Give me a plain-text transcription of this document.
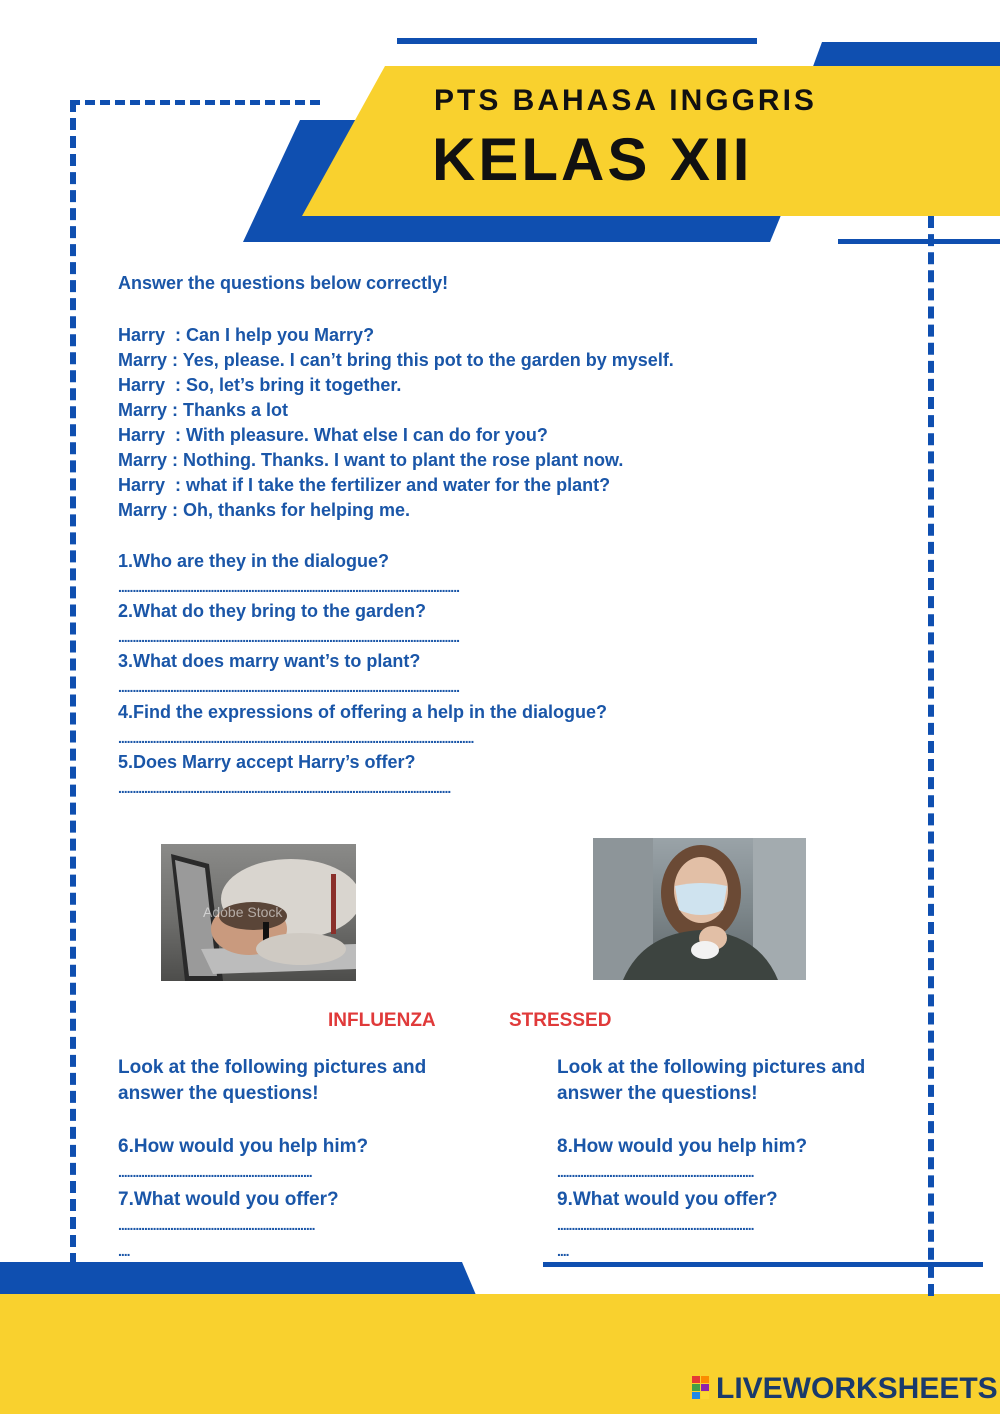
PTS BAHASA INGGRIS
KELAS XII
Answer the questions below correctly!
Harry  : Can I help you Marry?
Marry : Yes, please. I can’t bring this pot to the garden by myself.
Harry  : So, let’s bring it together.
Marry : Thanks a lot
Harry  : With pleasure. What else I can do for you?
Marry : Nothing. Thanks. I want to plant the rose plant now.
Harry  : what if I take the fertilizer and water for the plant?
Marry : Oh, thanks for helping me.
1.Who are they in the dialogue?
......................................................................................................................
2.What do they bring to the garden?
......................................................................................................................
3.What does marry want’s to plant?
......................................................................................................................
4.Find the expressions of offering a help in the dialogue?
...........................................................................................................................
5.Does Marry accept Harry’s offer?
...................................................................................................................
Adobe Stock
INFLUENZA	STRESSED
Look at the following pictures and
answer the questions!
6.How would you help him?
...................................................................
7.What would you offer?
....................................................................
....
Look at the following pictures and
answer the questions!
8.How would you help him?
....................................................................
9.What would you offer?
....................................................................
....
LIVEWORKSHEETS
